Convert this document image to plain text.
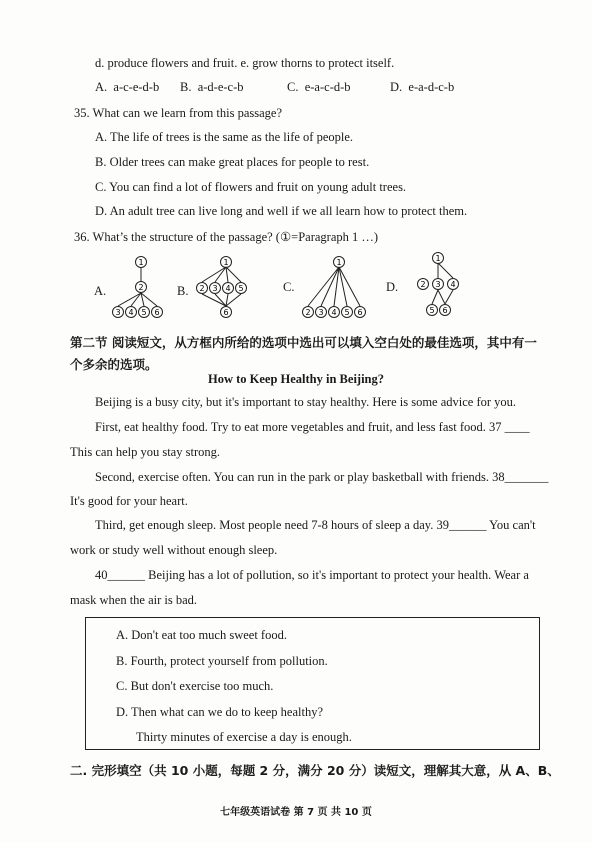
d. produce flowers and fruit. e. grow thorns to protect itself.
A. a-c-e-d-b B. a-d-e-c-b	C. e-a-c-d-b	D. e-a-d-c-b
35. What can we learn from this passage?
A. The life of trees is the same as the life of people.
B. Older trees can make great places for people to rest.
C. You can find a lot of flowers and fruit on young adult trees.
D. An adult tree can live long and well if we all learn how to protect them.
36. What’s the structure of the passage? (①=Paragraph 1 …)
A.	B.	C.	D.
1
2
3 4 5 6
1
2 3 4 5
6
1
2 3 4 5 6
1
2 3 4
5 6
第二节 阅读短文，从方框内所给的选项中选出可以填入空白处的最佳选项，其中有一
个多余的选项。
How to Keep Healthy in Beijing?
Beijing is a busy city, but it's important to stay healthy. Here is some advice for you.
First, eat healthy food. Try to eat more vegetables and fruit, and less fast food. 37 ____
This can help you stay strong.
Second, exercise often. You can run in the park or play basketball with friends. 38_______
It's good for your heart.
Third, get enough sleep. Most people need 7-8 hours of sleep a day. 39______ You can't
work or study well without enough sleep.
40______ Beijing has a lot of pollution, so it's important to protect your health. Wear a
mask when the air is bad.
A. Don't eat too much sweet food.
B. Fourth, protect yourself from pollution.
C. But don't exercise too much.
D. Then what can we do to keep healthy?
Thirty minutes of exercise a day is enough.
二. 完形填空（共 10 小题，每题 2 分，满分 20 分）读短文，理解其大意，从 A、B、
七年级英语试卷 第 7 页 共 10 页
